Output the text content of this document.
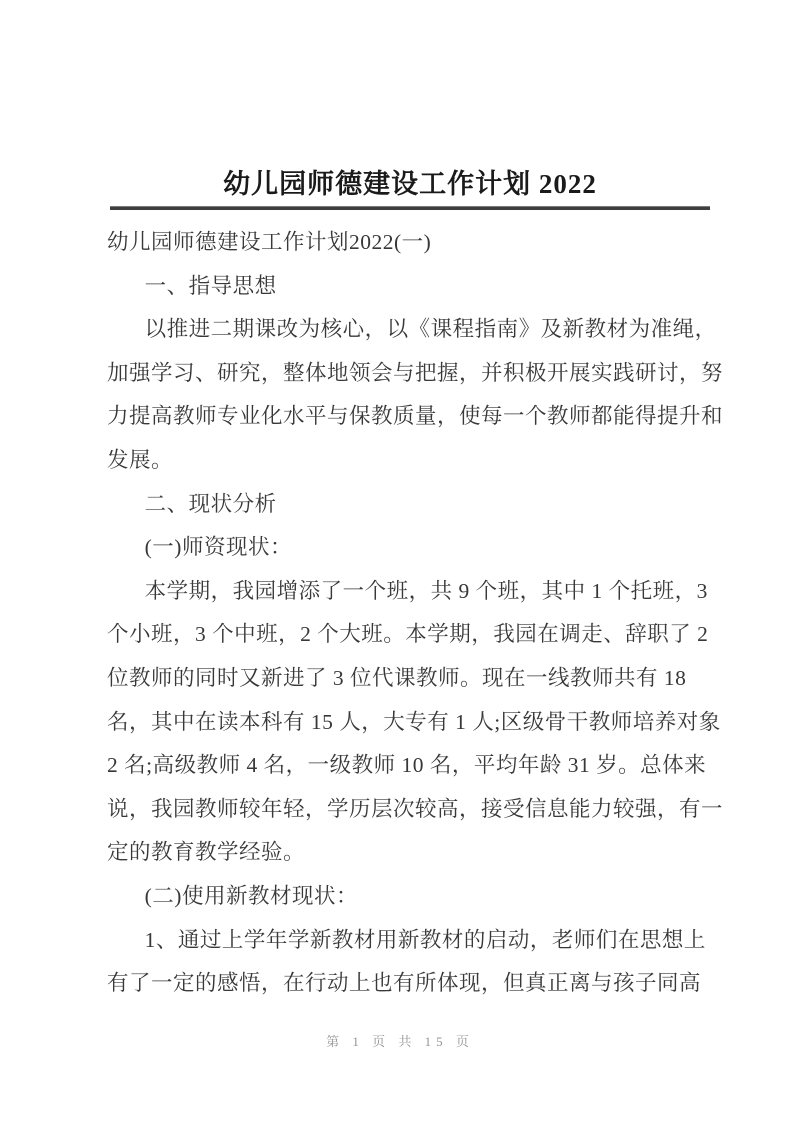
幼儿园师德建设工作计划 2022
幼儿园师德建设工作计划2022(一)
一、指导思想
以推进二期课改为核心，以《课程指南》及新教材为准绳，
加强学习、研究，整体地领会与把握，并积极开展实践研讨，努
力提高教师专业化水平与保教质量，使每一个教师都能得提升和
发展。
二、现状分析
(一)师资现状：
本学期，我园增添了一个班，共 9 个班，其中 1 个托班，3
个小班，3 个中班，2 个大班。本学期，我园在调走、辞职了 2
位教师的同时又新进了 3 位代课教师。现在一线教师共有 18
名，其中在读本科有 15 人，大专有 1 人;区级骨干教师培养对象
2 名;高级教师 4 名，一级教师 10 名，平均年龄 31 岁。总体来
说，我园教师较年轻，学历层次较高，接受信息能力较强，有一
定的教育教学经验。
(二)使用新教材现状：
1、通过上学年学新教材用新教材的启动，老师们在思想上
有了一定的感悟，在行动上也有所体现，但真正离与孩子同高
第 1 页 共 15 页
